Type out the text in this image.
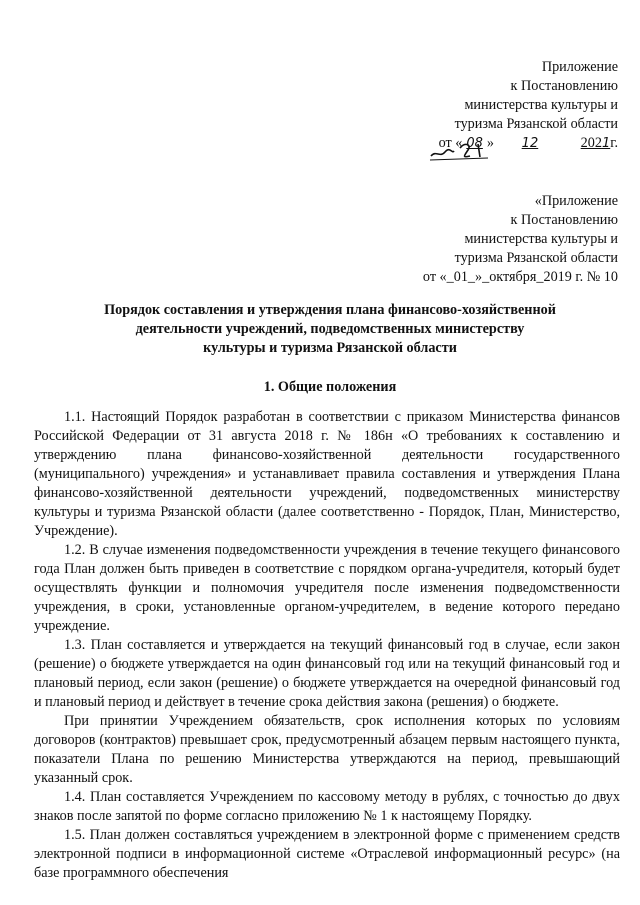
Приложение
к Постановлению
министерства культуры и
туризма Рязанской области
от « 08 » 12	2021г.
«Приложение
к Постановлению
министерства культуры и
туризма Рязанской области
от «_01_»_октября_2019 г. № 10
Порядок составления и утверждения плана финансово-хозяйственной
деятельности учреждений, подведомственных министерству
культуры и туризма Рязанской области
1. Общие положения

1.1. Настоящий Порядок разработан в соответствии с приказом Министерства финансов Российской Федерации от 31 августа 2018 г. № 186н «О требованиях к составлению и утверждению плана финансово-хозяйственной деятельности государственного (муниципального) учреждения» и устанавливает правила составления и утверждения Плана финансово-хозяйственной деятельности учреждений, подведомственных министерству культуры и туризма Рязанской области (далее соответственно - Порядок, План, Министерство, Учреждение).

1.2. В случае изменения подведомственности учреждения в течение текущего финансового года План должен быть приведен в соответствие с порядком органа-учредителя, который будет осуществлять функции и полномочия учредителя после изменения подведомственности учреждения, в сроки, установленные органом-учредителем, в ведение которого передано учреждение.

1.3. План составляется и утверждается на текущий финансовый год в случае, если закон (решение) о бюджете утверждается на один финансовый год или на текущий финансовый год и плановый период, если закон (решение) о бюджете утверждается на очередной финансовый год и плановый период и действует в течение срока действия закона (решения) о бюджете.

При принятии Учреждением обязательств, срок исполнения которых по условиям договоров (контрактов) превышает срок, предусмотренный абзацем первым настоящего пункта, показатели Плана по решению Министерства утверждаются на период, превышающий указанный срок.

1.4. План составляется Учреждением по кассовому методу в рублях, с точностью до двух знаков после запятой по форме согласно приложению № 1 к настоящему Порядку.

1.5. План должен составляться учреждением в электронной форме с применением средств электронной подписи в информационной системе «Отраслевой информационный ресурс» (на базе программного обеспечения
